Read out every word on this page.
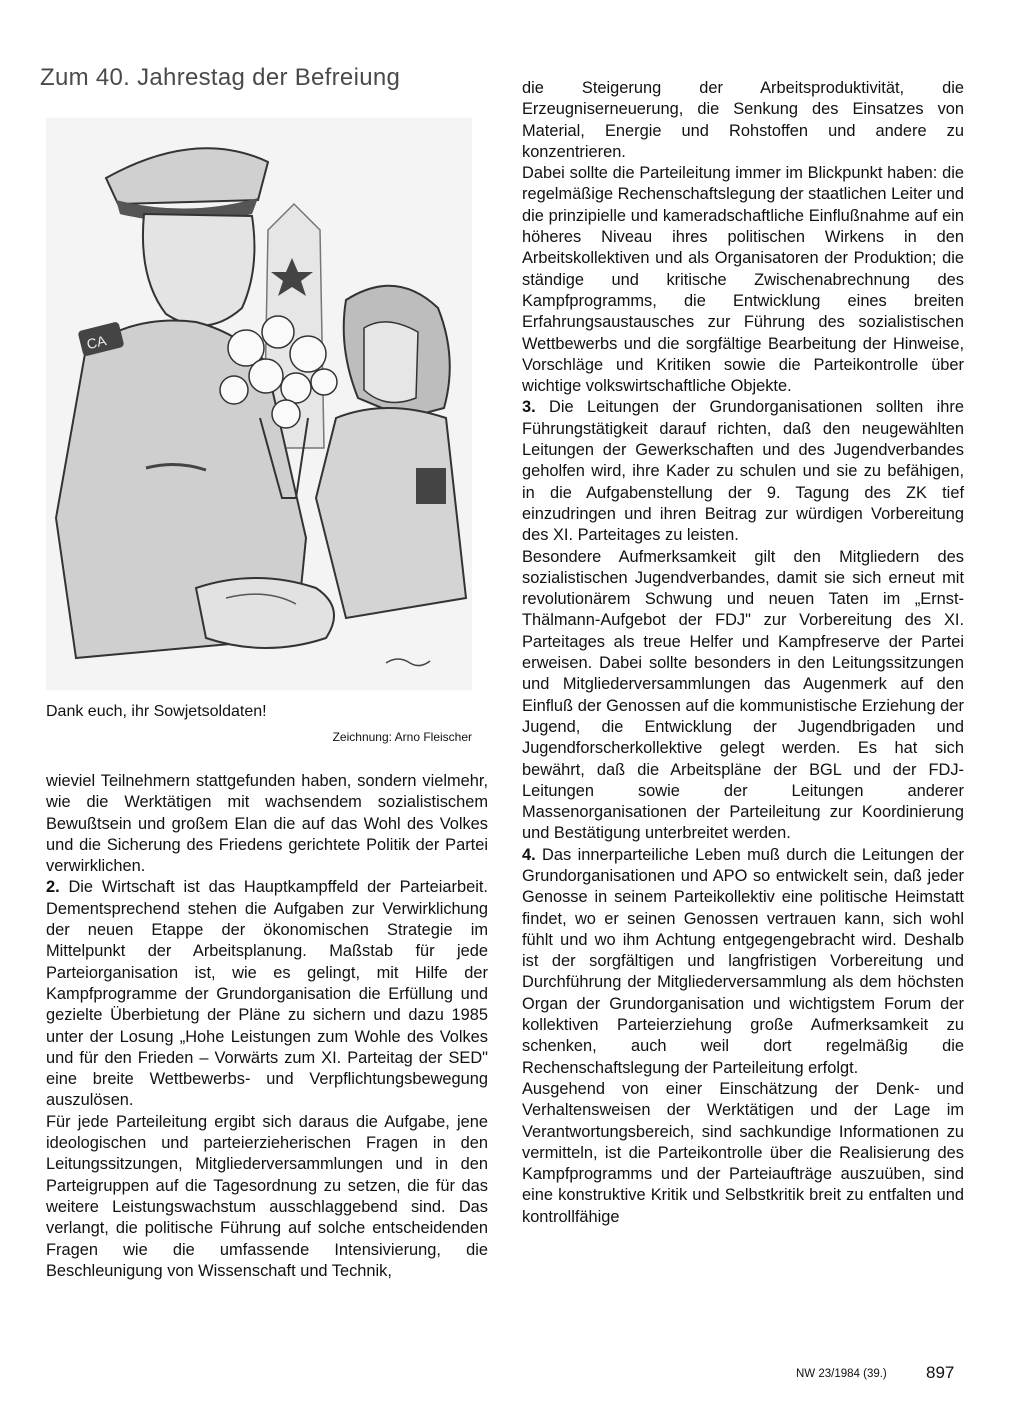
Zum 40. Jahrestag der Befreiung
CA
Dank euch, ihr Sowjetsoldaten!
Zeichnung: Arno Fleischer

wieviel Teilnehmern stattgefunden haben, sondern vielmehr, wie die Werktätigen mit wachsendem sozialistischem Bewußtsein und großem Elan die auf das Wohl des Volkes und die Sicherung des Friedens gerichtete Politik der Partei verwirklichen.

2. Die Wirtschaft ist das Hauptkampffeld der Parteiarbeit. Dementsprechend stehen die Aufgaben zur Verwirklichung der neuen Etappe der ökonomischen Strategie im Mittelpunkt der Arbeitsplanung. Maßstab für jede Parteiorganisation ist, wie es gelingt, mit Hilfe der Kampfprogramme der Grundorganisation die Erfüllung und gezielte Überbietung der Pläne zu sichern und dazu 1985 unter der Losung „Hohe Leistungen zum Wohle des Volkes und für den Frieden – Vorwärts zum XI. Parteitag der SED" eine breite Wettbewerbs- und Verpflichtungsbewegung auszulösen.

Für jede Parteileitung ergibt sich daraus die Aufgabe, jene ideologischen und parteierzieherischen Fragen in den Leitungssitzungen, Mitgliederversammlungen und in den Parteigruppen auf die Tagesordnung zu setzen, die für das weitere Leistungswachstum ausschlaggebend sind. Das verlangt, die politische Führung auf solche entscheidenden Fragen wie die umfassende Intensivierung, die Beschleunigung von Wissenschaft und Technik,

die Steigerung der Arbeitsproduktivität, die Erzeugniserneuerung, die Senkung des Einsatzes von Material, Energie und Rohstoffen und andere zu konzentrieren.

Dabei sollte die Parteileitung immer im Blickpunkt haben: die regelmäßige Rechenschaftslegung der staatlichen Leiter und die prinzipielle und kameradschaftliche Einflußnahme auf ein höheres Niveau ihres politischen Wirkens in den Arbeitskollektiven und als Organisatoren der Produktion; die ständige und kritische Zwischenabrechnung des Kampfprogramms, die Entwicklung eines breiten Erfahrungsaustausches zur Führung des sozialistischen Wettbewerbs und die sorgfältige Bearbeitung der Hinweise, Vorschläge und Kritiken sowie die Parteikontrolle über wichtige volkswirtschaftliche Objekte.

3. Die Leitungen der Grundorganisationen sollten ihre Führungstätigkeit darauf richten, daß den neugewählten Leitungen der Gewerkschaften und des Jugendverbandes geholfen wird, ihre Kader zu schulen und sie zu befähigen, in die Aufgabenstellung der 9. Tagung des ZK tief einzudringen und ihren Beitrag zur würdigen Vorbereitung des XI. Parteitages zu leisten.

Besondere Aufmerksamkeit gilt den Mitgliedern des sozialistischen Jugendverbandes, damit sie sich erneut mit revolutionärem Schwung und neuen Taten im „Ernst-Thälmann-Aufgebot der FDJ" zur Vorbereitung des XI. Parteitages als treue Helfer und Kampfreserve der Partei erweisen. Dabei sollte besonders in den Leitungssitzungen und Mitgliederversammlungen das Augenmerk auf den Einfluß der Genossen auf die kommunistische Erziehung der Jugend, die Entwicklung der Jugendbrigaden und Jugendforscherkollektive gelegt werden. Es hat sich bewährt, daß die Arbeitspläne der BGL und der FDJ-Leitungen sowie der Leitungen anderer Massenorganisationen der Parteileitung zur Koordinierung und Bestätigung unterbreitet werden.

4. Das innerparteiliche Leben muß durch die Leitungen der Grundorganisationen und APO so entwickelt sein, daß jeder Genosse in seinem Parteikollektiv eine politische Heimstatt findet, wo er seinen Genossen vertrauen kann, sich wohl fühlt und wo ihm Achtung entgegengebracht wird. Deshalb ist der sorgfältigen und langfristigen Vorbereitung und Durchführung der Mitgliederversammlung als dem höchsten Organ der Grundorganisation und wichtigstem Forum der kollektiven Parteierziehung große Aufmerksamkeit zu schenken, auch weil dort regelmäßig die Rechenschaftslegung der Parteileitung erfolgt.

Ausgehend von einer Einschätzung der Denk- und Verhaltensweisen der Werktätigen und der Lage im Verantwortungsbereich, sind sachkundige Informationen zu vermitteln, ist die Parteikontrolle über die Realisierung des Kampfprogramms und der Parteiaufträge auszuüben, sind eine konstruktive Kritik und Selbstkritik breit zu entfalten und kontrollfähige

NW 23/1984 (39.) 897
